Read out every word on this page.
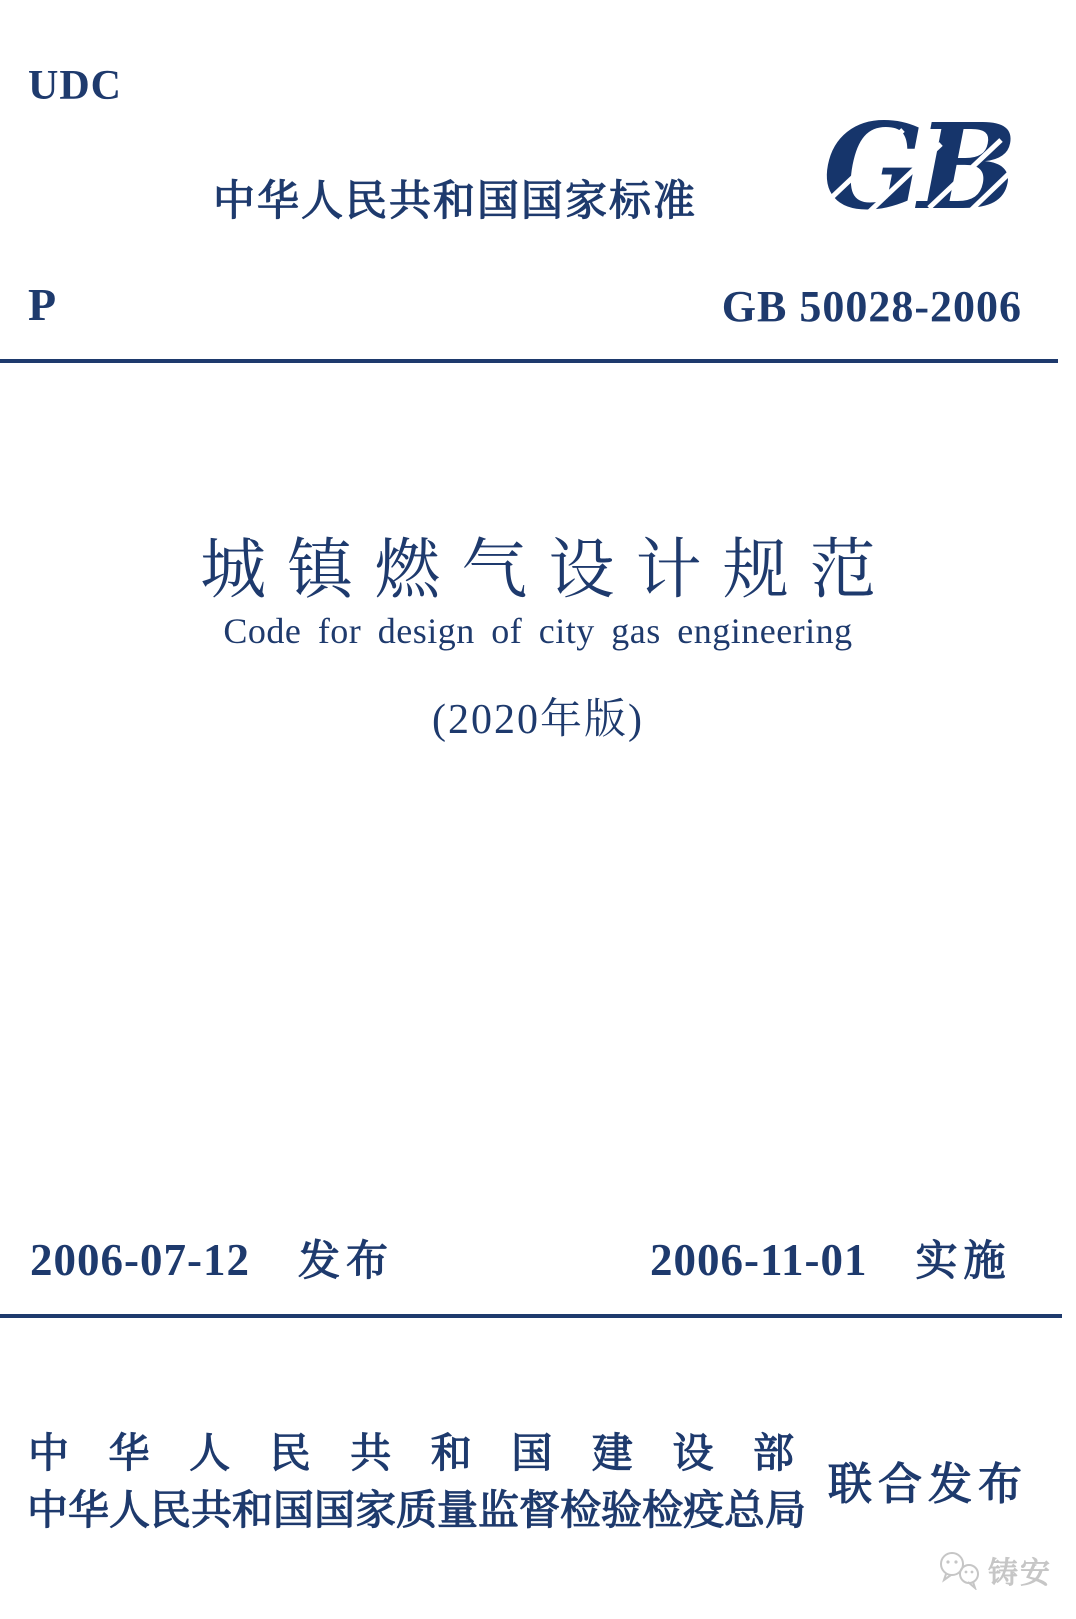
UDC
中华人民共和国国家标准 GB
P	GB 50028-2006
城镇燃气设计规范
Code for design of city gas engineering
(2020年版)
2006-07-12 发布	2006-11-01 实施
中华人民共和国建设部
中华人民共和国国家质量监督检验检疫总局
联合发布
铸安
